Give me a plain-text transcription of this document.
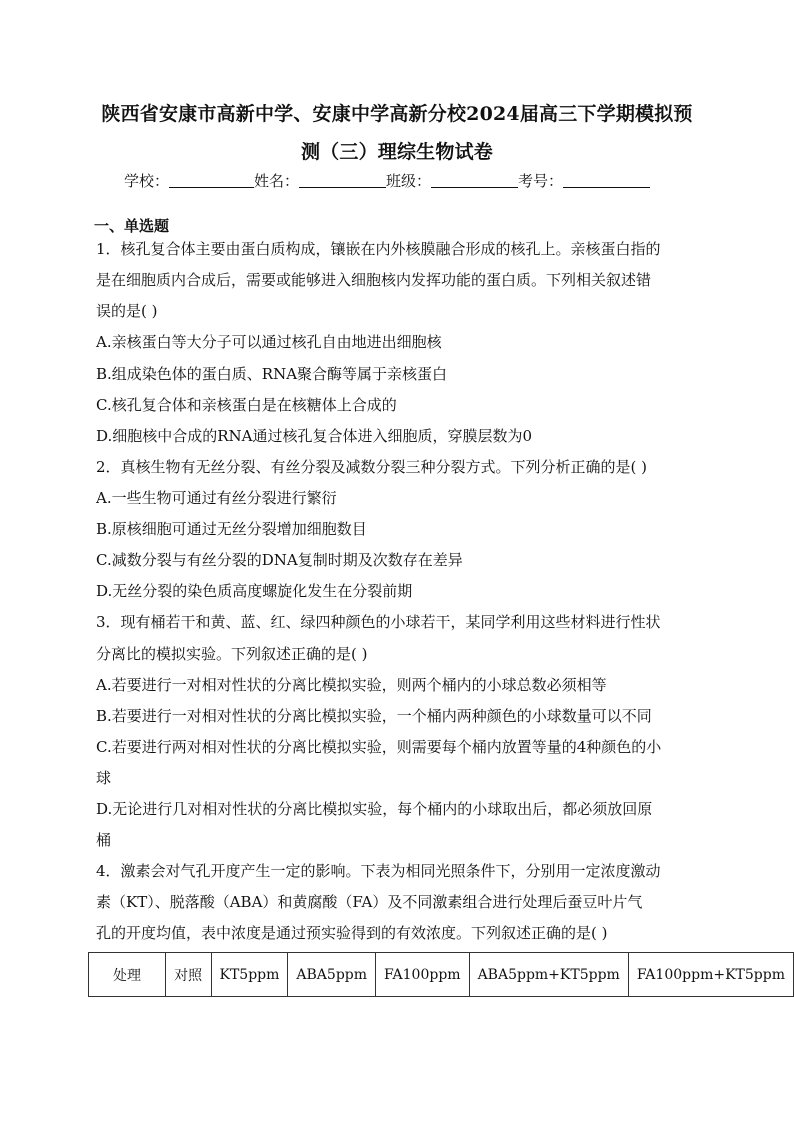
陕西省安康市高新中学、安康中学高新分校2024届高三下学期模拟预
测（三）理综生物试卷
学校：	姓名：	班级：	考号：
一、单选题
1．核孔复合体主要由蛋白质构成，镶嵌在内外核膜融合形成的核孔上。亲核蛋白指的
是在细胞质内合成后，需要或能够进入细胞核内发挥功能的蛋白质。下列相关叙述错
误的是( )
A.亲核蛋白等大分子可以通过核孔自由地进出细胞核
B.组成染色体的蛋白质、RNA聚合酶等属于亲核蛋白
C.核孔复合体和亲核蛋白是在核糖体上合成的
D.细胞核中合成的RNA通过核孔复合体进入细胞质，穿膜层数为0
2．真核生物有无丝分裂、有丝分裂及减数分裂三种分裂方式。下列分析正确的是( )
A.一些生物可通过有丝分裂进行繁衍
B.原核细胞可通过无丝分裂增加细胞数目
C.减数分裂与有丝分裂的DNA复制时期及次数存在差异
D.无丝分裂的染色质高度螺旋化发生在分裂前期
3．现有桶若干和黄、蓝、红、绿四种颜色的小球若干，某同学利用这些材料进行性状
分离比的模拟实验。下列叙述正确的是( )
A.若要进行一对相对性状的分离比模拟实验，则两个桶内的小球总数必须相等
B.若要进行一对相对性状的分离比模拟实验，一个桶内两种颜色的小球数量可以不同
C.若要进行两对相对性状的分离比模拟实验，则需要每个桶内放置等量的4种颜色的小
球
D.无论进行几对相对性状的分离比模拟实验，每个桶内的小球取出后，都必须放回原
桶
4．激素会对气孔开度产生一定的影响。下表为相同光照条件下，分别用一定浓度激动
素（KT）、脱落酸（ABA）和黄腐酸（FA）及不同激素组合进行处理后蚕豆叶片气
孔的开度均值，表中浓度是通过预实验得到的有效浓度。下列叙述正确的是( )
处理	对照	KT5ppm	ABA5ppm	FA100ppm	ABA5ppm+KT5ppm	FA100ppm+KT5ppm
